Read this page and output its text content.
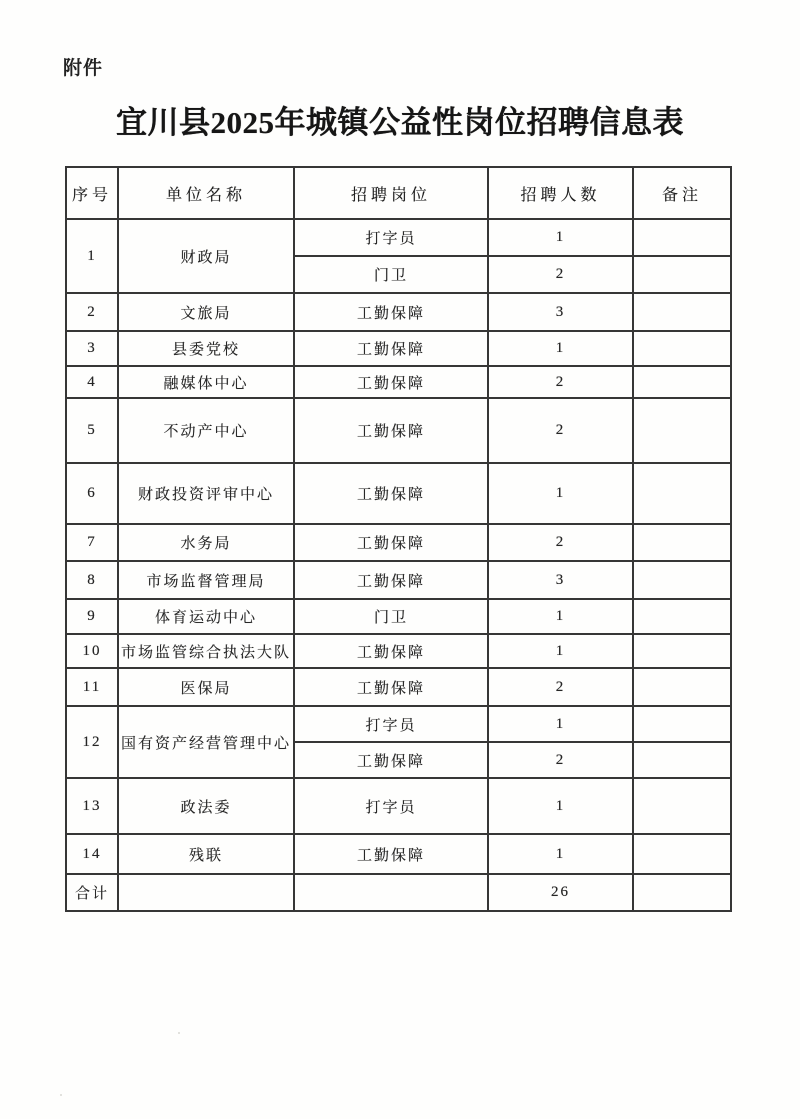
附件
宜川县2025年城镇公益性岗位招聘信息表
序号	单位名称	招聘岗位	招聘人数	备注
1	财政局	打字员	1	
		门卫	2	
2	文旅局	工勤保障	3	
3	县委党校	工勤保障	1	
4	融媒体中心	工勤保障	2	
5	不动产中心	工勤保障	2	
6	财政投资评审中心	工勤保障	1	
7	水务局	工勤保障	2	
8	市场监督管理局	工勤保障	3	
9	体育运动中心	门卫	1	
10	市场监管综合执法大队	工勤保障	1	
11	医保局	工勤保障	2	
12	国有资产经营管理中心	打字员	1	
		工勤保障	2	
13	政法委	打字员	1	
14	残联	工勤保障	1	
合计			26	
